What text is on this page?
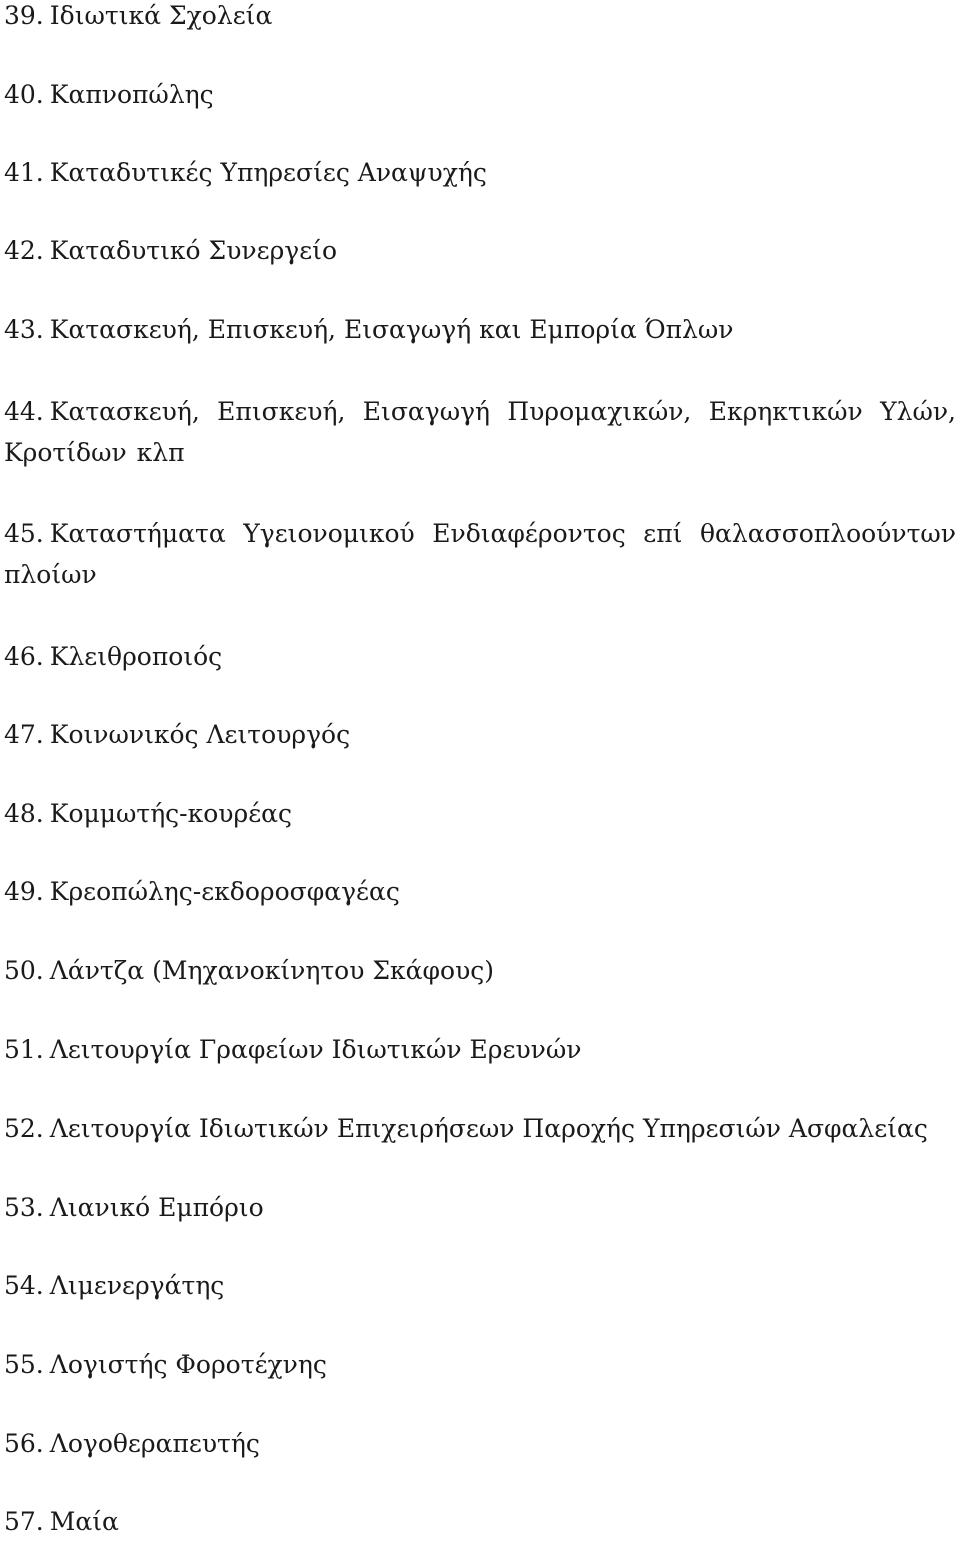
39. Ιδιωτικά Σχολεία
40. Καπνοπώλης
41. Καταδυτικές Υπηρεσίες Αναψυχής
42. Καταδυτικό Συνεργείο
43. Κατασκευή, Επισκευή, Εισαγωγή και Εμπορία Όπλων
44. Κατασκευή, Επισκευή, Εισαγωγή Πυρομαχικών, Εκρηκτικών Υλών, Κροτίδων κλπ
45. Καταστήματα Υγειονομικού Ενδιαφέροντος επί θαλασσοπλοούντων πλοίων
46. Κλειθροποιός
47. Κοινωνικός Λειτουργός
48. Κομμωτής-κουρέας
49. Κρεοπώλης-εκδοροσφαγέας
50. Λάντζα (Μηχανοκίνητου Σκάφους)
51. Λειτουργία Γραφείων Ιδιωτικών Ερευνών
52. Λειτουργία Ιδιωτικών Επιχειρήσεων Παροχής Υπηρεσιών Ασφαλείας
53. Λιανικό Εμπόριο
54. Λιμενεργάτης
55. Λογιστής Φοροτέχνης
56. Λογοθεραπευτής
57. Μαία
